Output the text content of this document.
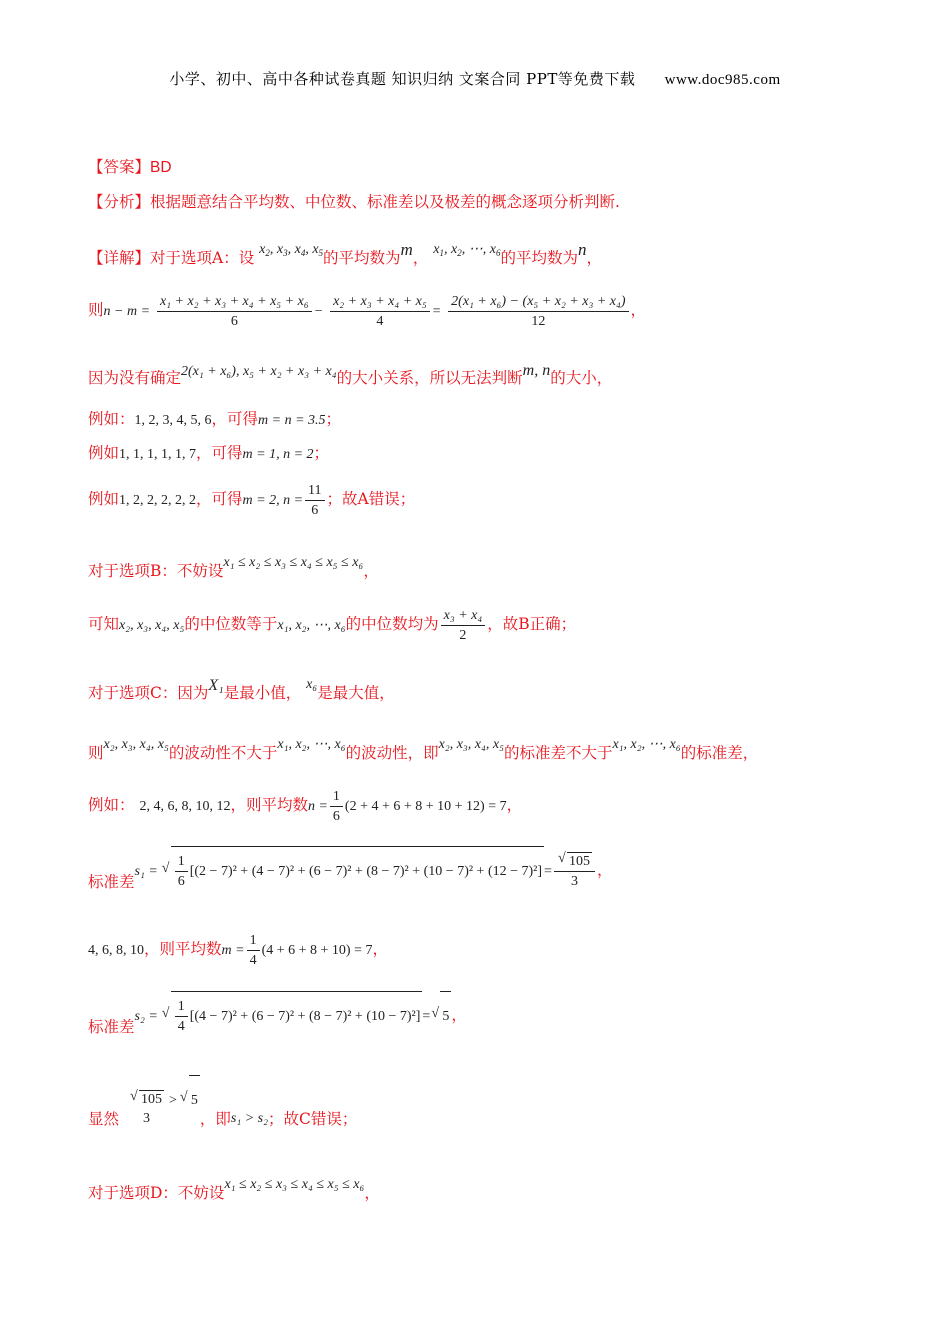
小学、初中、高中各种试卷真题 知识归纳 文案合同 PPT等免费下载 www.doc985.com
【答案】BD
【分析】根据题意结合平均数、中位数、标准差以及极差的概念逐项分析判断.
【详解】对于选项A：设 $x_2$, $x_3$, $x_4$, $x_5$的平均数为m， $x_1$, $x_2$, ⋯, $x_6$的平均数为n，
则$n - m = \frac{\text{x₁ + x₂ + x₃ + x₄ + x₅ + x₆}}{6} - \frac{\text{x₂ + x₃ + x₄ + x₅}}{4} = \frac{\text{2(x₁ + x₆) − (x₅ + x₂ + x₃ + x₄)}}{12}$ ，
因为没有确定2(x₁ + x₆), x₅ + x₂ + x₃ + x₄的大小关系，所以无法判断m, n的大小，
例如：1, 2, 3, 4, 5, 6，可得m = n = 3.5；
例如1, 1, 1, 1, 1, 7，可得m = 1, n = 2；
例如1, 2, 2, 2, 2, 2，可得m = 2, $n = \frac{11}{6}$ ；故A错误；
对于选项B：不妨设x₁ ≤ x₂ ≤ x₃ ≤ x₄ ≤ x₅ ≤ x₆，
可知x₂, x₃, x₄, x₅的中位数等于x₁, x₂, ⋯, x₆的中位数均为 $\frac{\text{x₃ + x₄}}{2}$ ，故B正确；
对于选项C：因为X₁是最小值， x₆是最大值，
则x₂, x₃, x₄, x₅的波动性不大于x₁, x₂, ⋯, x₆的波动性，即x₂, x₃, x₄, x₅的标准差不大于x₁, x₂, ⋯, x₆的标准差，
例如： 2, 4, 6, 8, 10, 12，则平均数$n = \frac{1}{6} (2 + 4 + 6 + 8 + 10 + 12) = 7$，
标准差s₁ = √ $\frac{1}{6} [(2 - 7)^2 + (4 - 7)^2 + (6 - 7)^2 + (8 - 7)^2 + (10 - 7)^2 + (12 - 7)^2]$ = √ $\frac{105}{3}$ ，
4, 6, 8, 10，则平均数$m = \frac{1}{4} (4 + 6 + 8 + 10) = 7$，
标准差s₂ = √ $\frac{1}{4} [(4 - 7)^2 + (6 - 7)^2 + (8 - 7)^2 + (10 - 7)^2]$ = √ 5 ，
显然
√ 105
3
> √ 5，即s₁ > s₂；故C错误；
对于选项D：不妨设x₁ ≤ x₂ ≤ x₃ ≤ x₄ ≤ x₅ ≤ x₆，
